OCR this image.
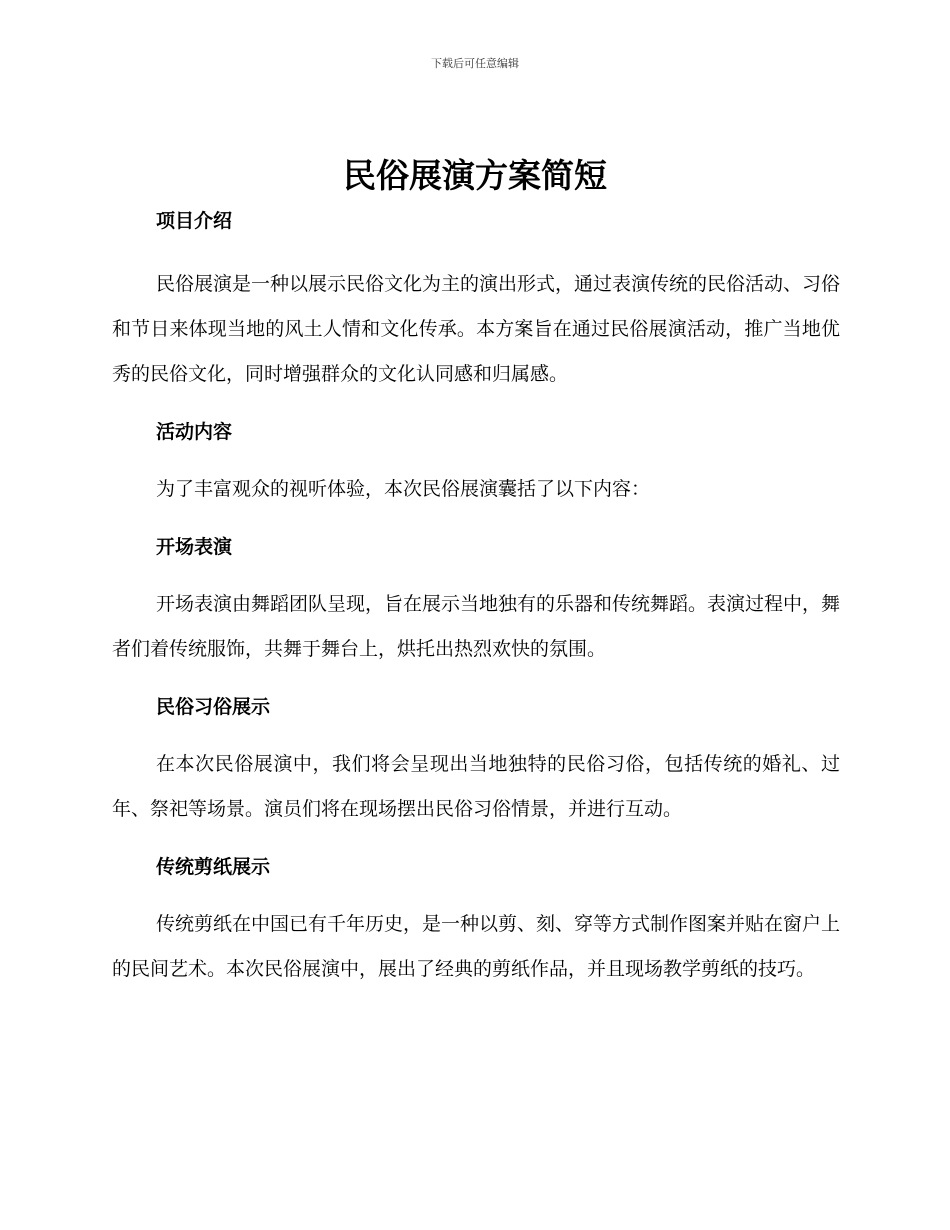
下载后可任意编辑
民俗展演方案简短
项目介绍

民俗展演是一种以展示民俗文化为主的演出形式，通过表演传统的民俗活动、习俗和节日来体现当地的风土人情和文化传承。本方案旨在通过民俗展演活动，推广当地优秀的民俗文化，同时增强群众的文化认同感和归属感。

活动内容

为了丰富观众的视听体验，本次民俗展演囊括了以下内容：

开场表演

开场表演由舞蹈团队呈现，旨在展示当地独有的乐器和传统舞蹈。表演过程中，舞者们着传统服饰，共舞于舞台上，烘托出热烈欢快的氛围。

民俗习俗展示

在本次民俗展演中，我们将会呈现出当地独特的民俗习俗，包括传统的婚礼、过年、祭祀等场景。演员们将在现场摆出民俗习俗情景，并进行互动。

传统剪纸展示

传统剪纸在中国已有千年历史，是一种以剪、刻、穿等方式制作图案并贴在窗户上的民间艺术。本次民俗展演中，展出了经典的剪纸作品，并且现场教学剪纸的技巧。
